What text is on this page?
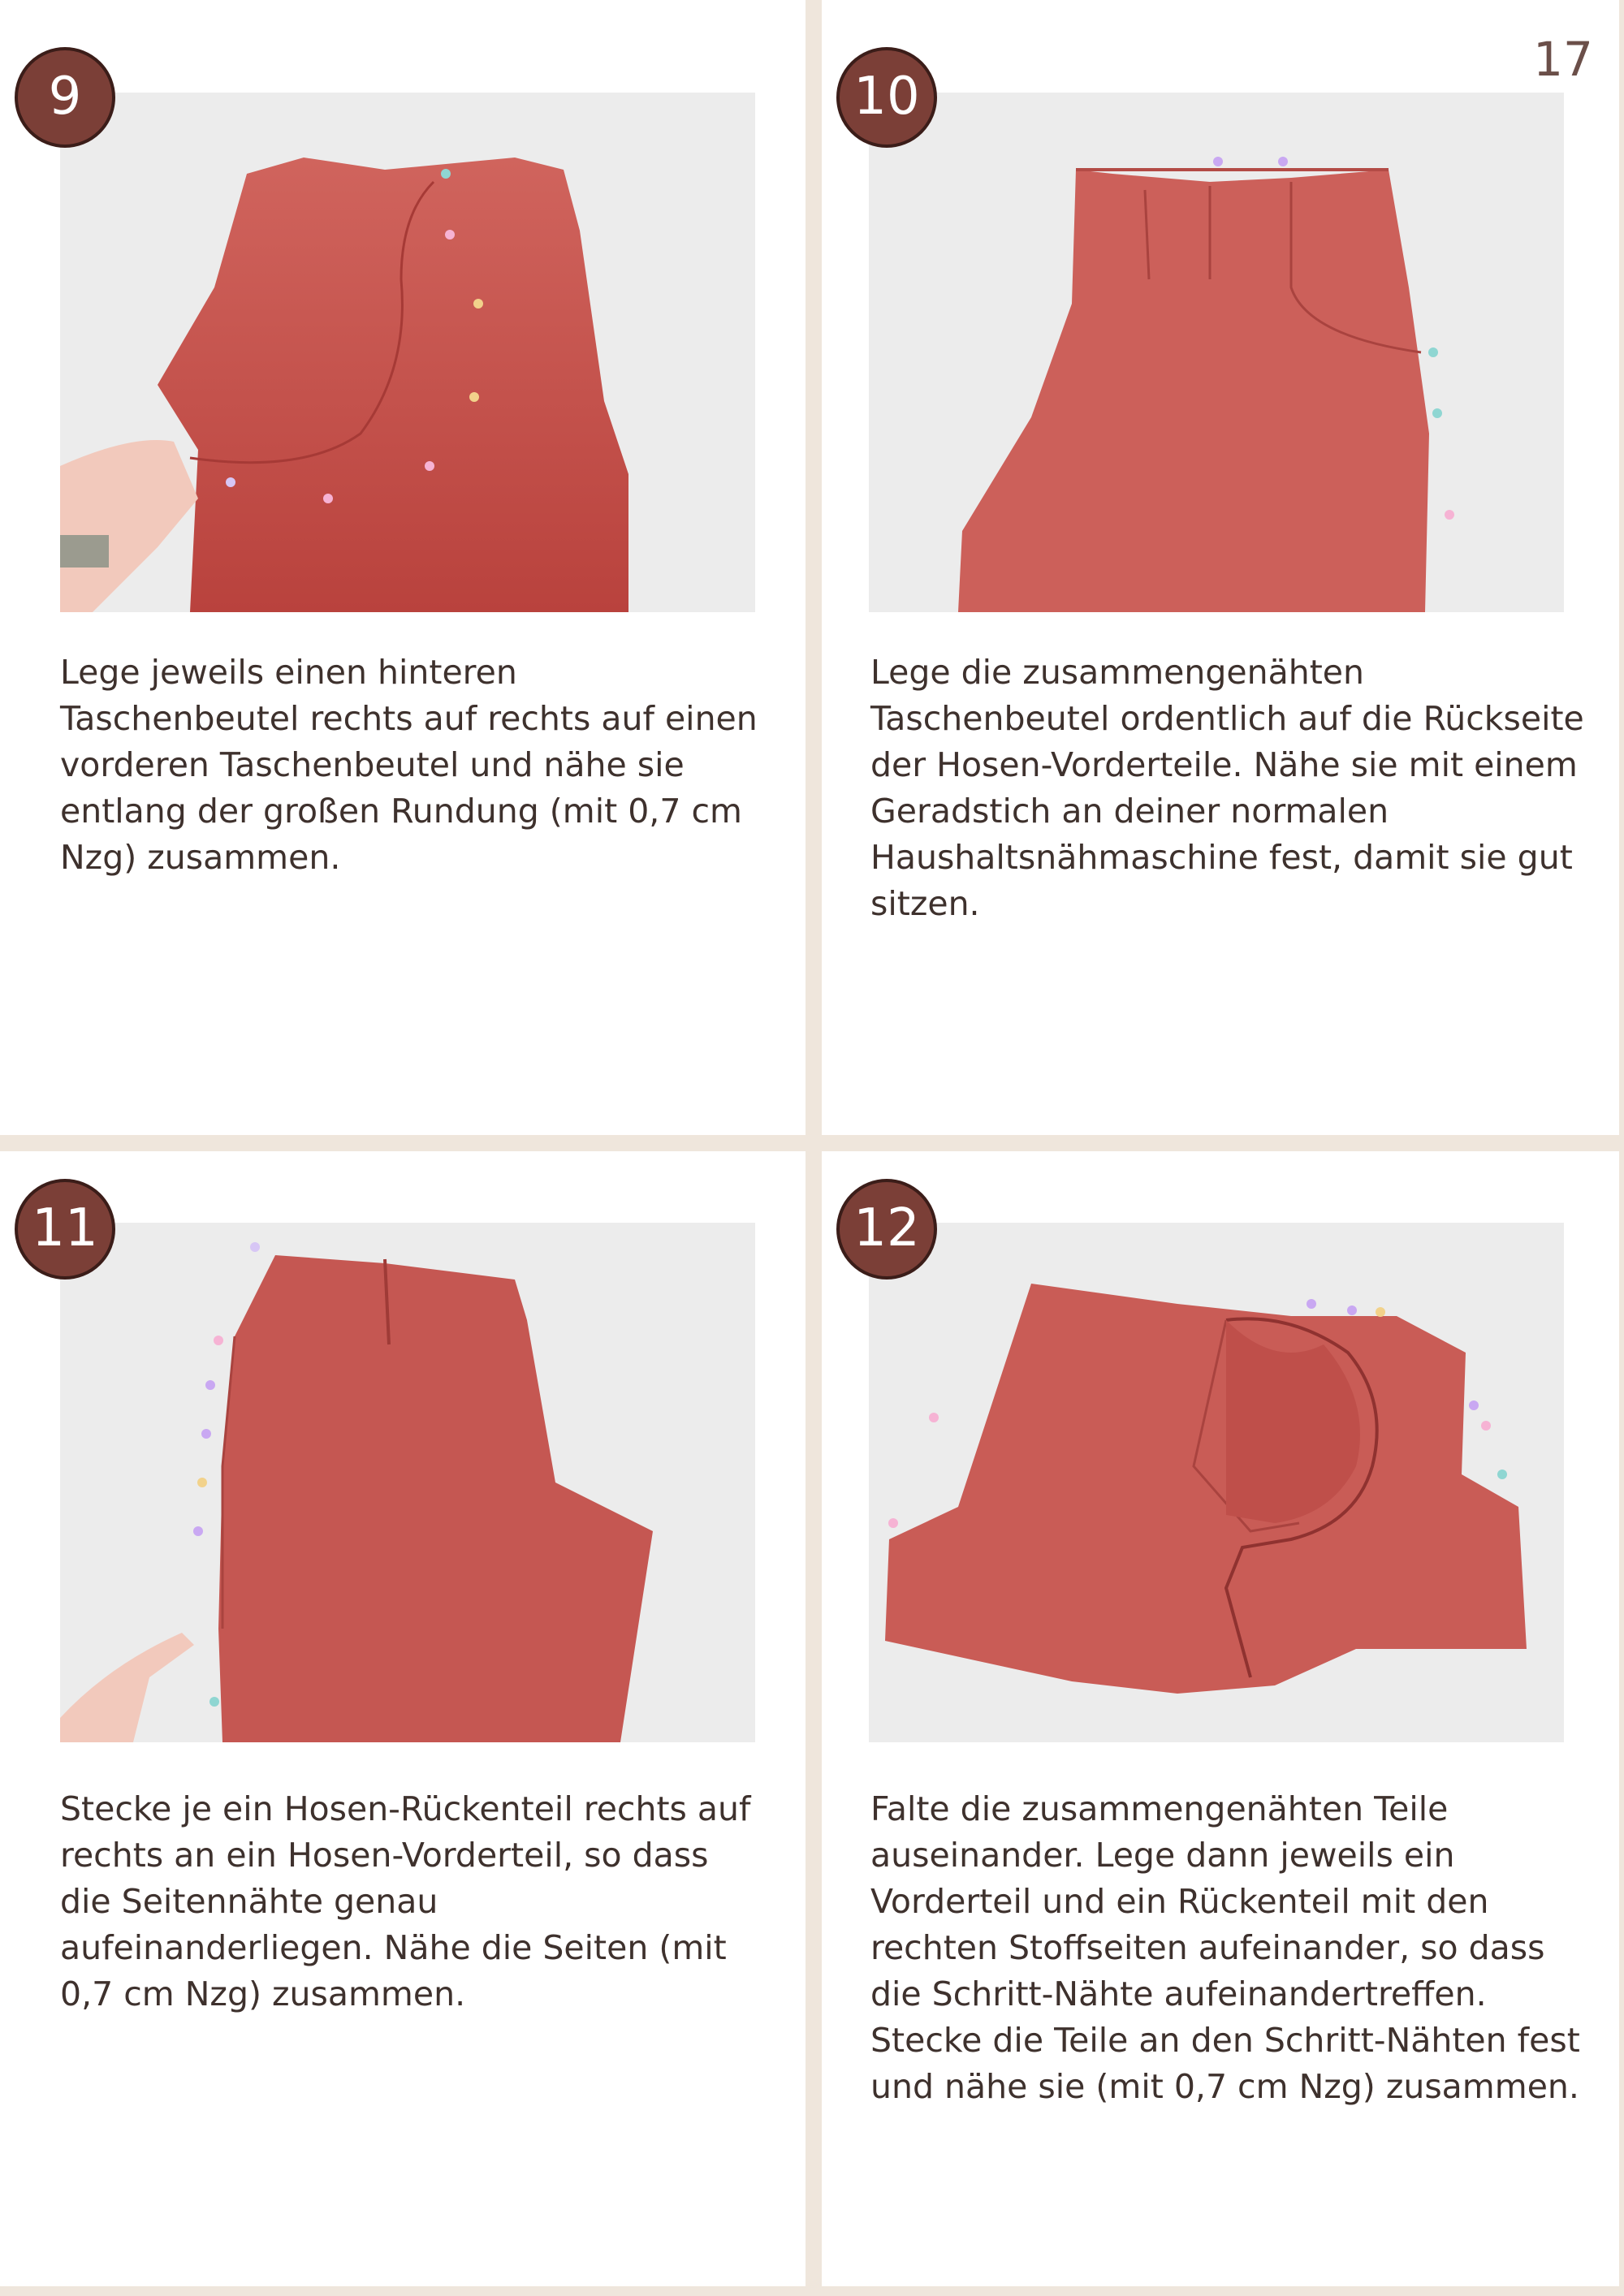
17
9

Lege jeweils einen hinteren Taschenbeutel rechts auf rechts auf einen vorderen Taschenbeutel und nähe sie entlang der großen Rundung (mit 0,7 cm Nzg) zusammen.

10

Lege die zusammengenähten Taschenbeutel ordentlich auf die Rückseite der Hosen-Vorderteile. Nähe sie mit einem Geradstich an deiner normalen Haushaltsnähmaschine fest, damit sie gut sitzen.

11

Stecke je ein Hosen-Rückenteil rechts auf rechts an ein Hosen-Vorderteil, so dass die Seitennähte genau aufeinanderliegen. Nähe die Seiten (mit 0,7 cm Nzg) zusammen.

12

Falte die zusammengenähten Teile auseinander. Lege dann jeweils ein Vorderteil und ein Rückenteil mit den rechten Stoffseiten aufeinander, so dass die Schritt-Nähte aufeinandertreffen. Stecke die Teile an den Schritt-Nähten fest und nähe sie (mit 0,7 cm Nzg) zusammen.
